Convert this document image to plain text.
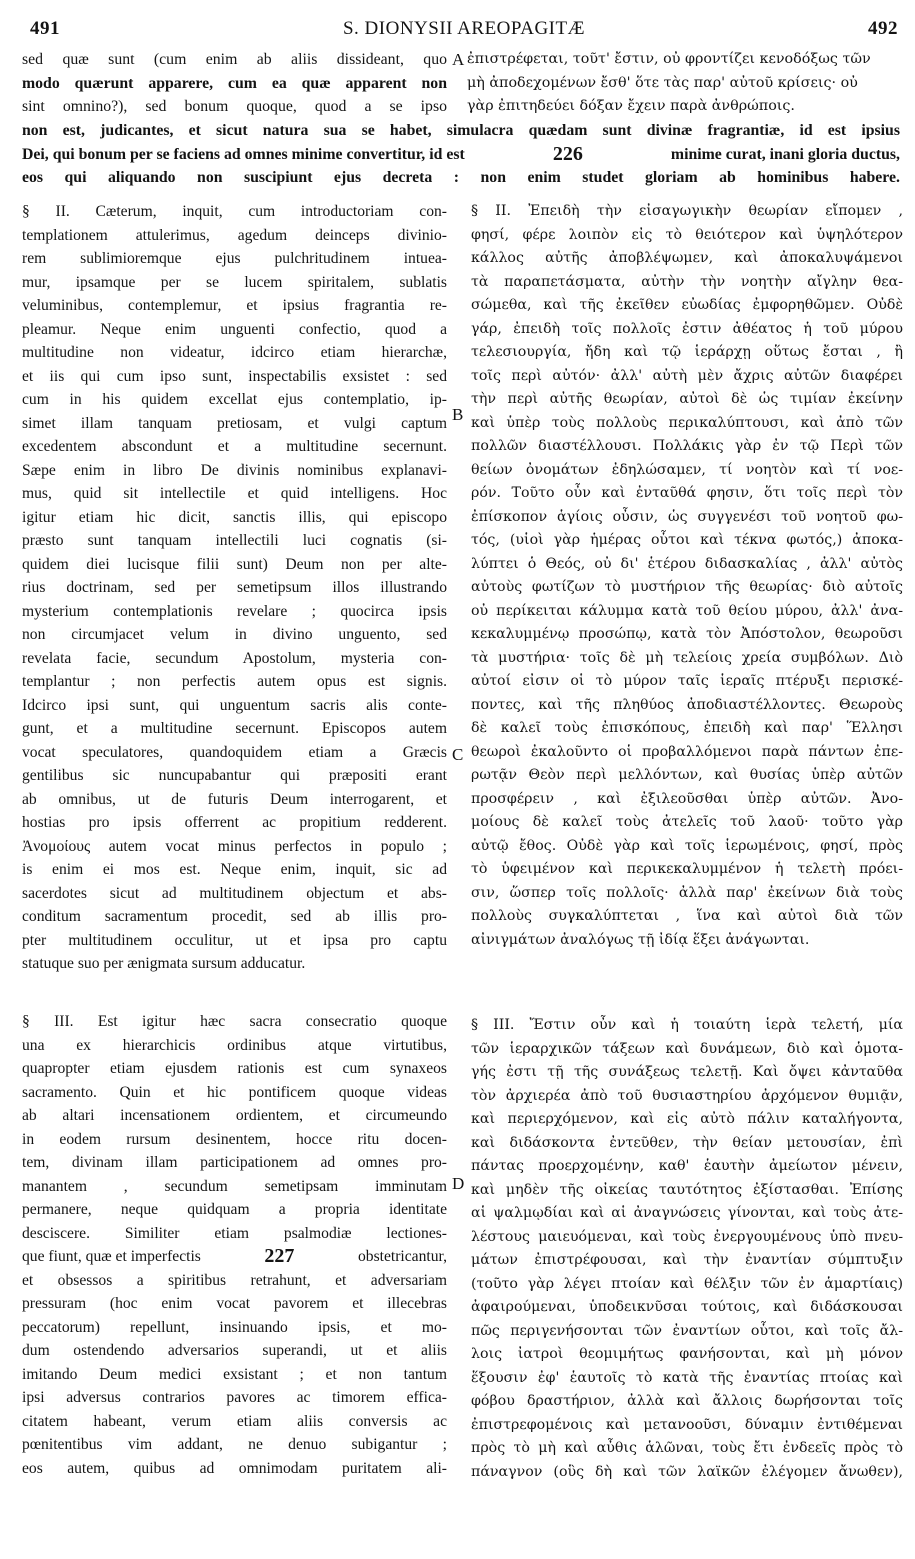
491	S. DIONYSII AREOPAGITÆ	492
sed quæ sunt (cum enim ab aliis dissideant, quo
modo quærunt apparere, cum ea quæ apparent non
sint omnino?), sed bonum quoque, quod a se ipso
A ἐπιστρέφεται, τοῦτ' ἔστιν, οὐ φροντίζει κενοδόξως τῶν
μὴ ἀποδεχομένων ἔσθ' ὅτε τὰς παρ' αὐτοῦ κρίσεις· οὐ
γὰρ ἐπιτηδεύει δόξαν ἔχειν παρὰ ἀνθρώποις.
non est, judicantes, et sicut natura sua se habet, simulacra quædam sunt divinæ fragrantiæ, id est ipsius
Dei, qui bonum per se faciens ad omnes minime convertitur, id est	226	minime curat, inani gloria ductus,
eos qui aliquando non suscipiunt ejus decreta : non enim studet gloriam ab hominibus habere.
§ II. Cæterum, inquit, cum introductoriam con-
templationem attulerimus, agedum deinceps divinio-
rem sublimioremque ejus pulchritudinem intuea-
mur, ipsamque per se lucem spiritalem, sublatis
veluminibus, contemplemur, et ipsius fragrantia re-
pleamur. Neque enim unguenti confectio, quod a
multitudine non videatur, idcirco etiam hierarchæ,
et iis qui cum ipso sunt, inspectabilis exsistet : sed
cum in his quidem excellat ejus contemplatio, ip-
simet illam tanquam pretiosam, et vulgi captum
excedentem abscondunt et a multitudine secernunt.
Sæpe enim in libro De divinis nominibus explanavi-
mus, quid sit intellectile et quid intelligens. Hoc
igitur etiam hic dicit, sanctis illis, qui episcopo
præsto sunt tanquam intellectili luci cognatis (si-
quidem diei lucisque filii sunt) Deum non per alte-
rius doctrinam, sed per semetipsum illos illustrando
mysterium contemplationis revelare ; quocirca ipsis
non circumjacet velum in divino unguento, sed
revelata facie, secundum Apostolum, mysteria con-
templantur ; non perfectis autem opus est signis.
Idcirco ipsi sunt, qui unguentum sacris alis conte-
gunt, et a multitudine secernunt. Episcopos autem
vocat speculatores, quandoquidem etiam a Græcis
gentilibus sic nuncupabantur qui præpositi erant
ab omnibus, ut de futuris Deum interrogarent, et
hostias pro ipsis offerrent ac propitium redderent.
Ἀνομοίους autem vocat minus perfectos in populo ;
is enim ei mos est. Neque enim, inquit, sic ad
sacerdotes sicut ad multitudinem objectum et abs-
conditum sacramentum procedit, sed ab illis pro-
pter multitudinem occulitur, ut et ipsa pro captu
statuque suo per ænigmata sursum adducatur.
B
C
§ II. Ἐπειδὴ τὴν εἰσαγωγικὴν θεωρίαν εἴπομεν ,
φησί, φέρε λοιπὸν εἰς τὸ θειότερον καὶ ὑψηλότερον
κάλλος αὐτῆς ἀποβλέψωμεν, καὶ ἀποκαλυψάμενοι
τὰ παραπετάσματα, αὐτὴν τὴν νοητὴν αἴγλην θεα-
σώμεθα, καὶ τῆς ἐκεῖθεν εὐωδίας ἐμφορηθῶμεν. Οὐδὲ
γάρ, ἐπειδὴ τοῖς πολλοῖς ἐστιν ἀθέατος ἡ τοῦ μύρου
τελεσιουργία, ἤδη καὶ τῷ ἱεράρχῃ οὕτως ἔσται , ἢ
τοῖς περὶ αὐτόν· ἀλλ' αὐτὴ μὲν ἄχρις αὐτῶν διαφέρει
τὴν περὶ αὐτῆς θεωρίαν, αὐτοὶ δὲ ὡς τιμίαν ἐκείνην
καὶ ὑπὲρ τοὺς πολλοὺς περικαλύπτουσι, καὶ ἀπὸ τῶν
πολλῶν διαστέλλουσι. Πολλάκις γὰρ ἐν τῷ Περὶ τῶν
θείων ὀνομάτων ἐδηλώσαμεν, τί νοητὸν καὶ τί νοε-
ρόν. Τοῦτο οὖν καὶ ἐνταῦθά φησιν, ὅτι τοῖς περὶ τὸν
ἐπίσκοπον ἁγίοις οὖσιν, ὡς συγγενέσι τοῦ νοητοῦ φω-
τός, (υἱοὶ γὰρ ἡμέρας οὗτοι καὶ τέκνα φωτός,) ἀποκα-
λύπτει ὁ Θεός, οὐ δι' ἑτέρου διδασκαλίας , ἀλλ' αὐτὸς
αὐτοὺς φωτίζων τὸ μυστήριον τῆς θεωρίας· διὸ αὐτοῖς
οὐ περίκειται κάλυμμα κατὰ τοῦ θείου μύρου, ἀλλ' ἀνα-
κεκαλυμμένῳ προσώπῳ, κατὰ τὸν Ἀπόστολον, θεωροῦσι
τὰ μυστήρια· τοῖς δὲ μὴ τελείοις χρεία συμβόλων. Διὸ
αὐτοί εἰσιν οἱ τὸ μύρον ταῖς ἱεραῖς πτέρυξι περισκέ-
ποντες, καὶ τῆς πληθύος ἀποδιαστέλλοντες. Θεωροὺς
δὲ καλεῖ τοὺς ἐπισκόπους, ἐπειδὴ καὶ παρ' Ἕλλησι
θεωροὶ ἐκαλοῦντο οἱ προβαλλόμενοι παρὰ πάντων ἐπε-
ρωτᾷν Θεὸν περὶ μελλόντων, καὶ θυσίας ὑπὲρ αὐτῶν
προσφέρειν , καὶ ἐξιλεοῦσθαι ὑπὲρ αὐτῶν. Ἀνο-
μοίους δὲ καλεῖ τοὺς ἀτελεῖς τοῦ λαοῦ· τοῦτο γὰρ
αὐτῷ ἔθος. Οὐδὲ γὰρ καὶ τοῖς ἱερωμένοις, φησί, πρὸς
τὸ ὑφειμένον καὶ περικεκαλυμμένον ἡ τελετὴ πρόει-
σιν, ὥσπερ τοῖς πολλοῖς· ἀλλὰ παρ' ἐκείνων διὰ τοὺς
πολλοὺς συγκαλύπτεται , ἵνα καὶ αὐτοὶ διὰ τῶν
αἰνιγμάτων ἀναλόγως τῇ ἰδίᾳ ἕξει ἀνάγωνται.
§ III. Est igitur hæc sacra consecratio quoque
una ex hierarchicis ordinibus atque virtutibus,
quapropter etiam ejusdem rationis est cum synaxeos
sacramento. Quin et hic pontificem quoque videas
ab altari incensationem ordientem, et circumeundo
in eodem rursum desinentem, hocce ritu docen-
tem, divinam illam participationem ad omnes pro-
manantem , secundum semetipsam imminutam
permanere, neque quidquam a propria identitate
desciscere. Similiter etiam psalmodiæ lectiones-
que fiunt, quæ et imperfectis	227	obstetricantur,
et obsessos a spiritibus retrahunt, et adversariam
pressuram (hoc enim vocat pavorem et illecebras
peccatorum) repellunt, insinuando ipsis, et mo-
dum ostendendo adversarios superandi, ut et aliis
imitando Deum medici exsistant ; et non tantum
ipsi adversus contrarios pavores ac timorem effica-
citatem habeant, verum etiam aliis conversis ac
pœnitentibus vim addant, ne denuo subigantur ;
eos autem, quibus ad omnimodam puritatem ali-
D
§ III. Ἔστιν οὖν καὶ ἡ τοιαύτη ἱερὰ τελετή, μία
τῶν ἱεραρχικῶν τάξεων καὶ δυνάμεων, διὸ καὶ ὁμοτα-
γής ἐστι τῇ τῆς συνάξεως τελετῇ. Καὶ ὄψει κἀνταῦθα
τὸν ἀρχιερέα ἀπὸ τοῦ θυσιαστηρίου ἀρχόμενον θυμιᾷν,
καὶ περιερχόμενον, καὶ εἰς αὐτὸ πάλιν καταλήγοντα,
καὶ διδάσκοντα ἐντεῦθεν, τὴν θείαν μετουσίαν, ἐπὶ
πάντας προερχομένην, καθ' ἑαυτὴν ἀμείωτον μένειν,
καὶ μηδὲν τῆς οἰκείας ταυτότητος ἐξίστασθαι. Ἐπίσης
αἱ ψαλμῳδίαι καὶ αἱ ἀναγνώσεις γίνονται, καὶ τοὺς ἀτε-
λέστους μαιευόμεναι, καὶ τοὺς ἐνεργουμένους ὑπὸ πνευ-
μάτων ἐπιστρέφουσαι, καὶ τὴν ἐναντίαν σύμπτυξιν
(τοῦτο γὰρ λέγει πτοίαν καὶ θέλξιν τῶν ἐν ἁμαρτίαις)
ἀφαιρούμεναι, ὑποδεικνῦσαι τούτοις, καὶ διδάσκουσαι
πῶς περιγενήσονται τῶν ἐναντίων οὗτοι, καὶ τοῖς ἄλ-
λοις ἰατροὶ θεομιμήτως φανήσονται, καὶ μὴ μόνον
ἕξουσιν ἐφ' ἑαυτοῖς τὸ κατὰ τῆς ἐναντίας πτοίας καὶ
φόβου δραστήριον, ἀλλὰ καὶ ἄλλοις δωρήσονται τοῖς
ἐπιστρεφομένοις καὶ μετανοοῦσι, δύναμιν ἐντιθέμεναι
πρὸς τὸ μὴ καὶ αὖθις ἁλῶναι, τοὺς ἔτι ἐνδεεῖς πρὸς τὸ
πάναγνον (οὓς δὴ καὶ τῶν λαϊκῶν ἐλέγομεν ἄνωθεν),
